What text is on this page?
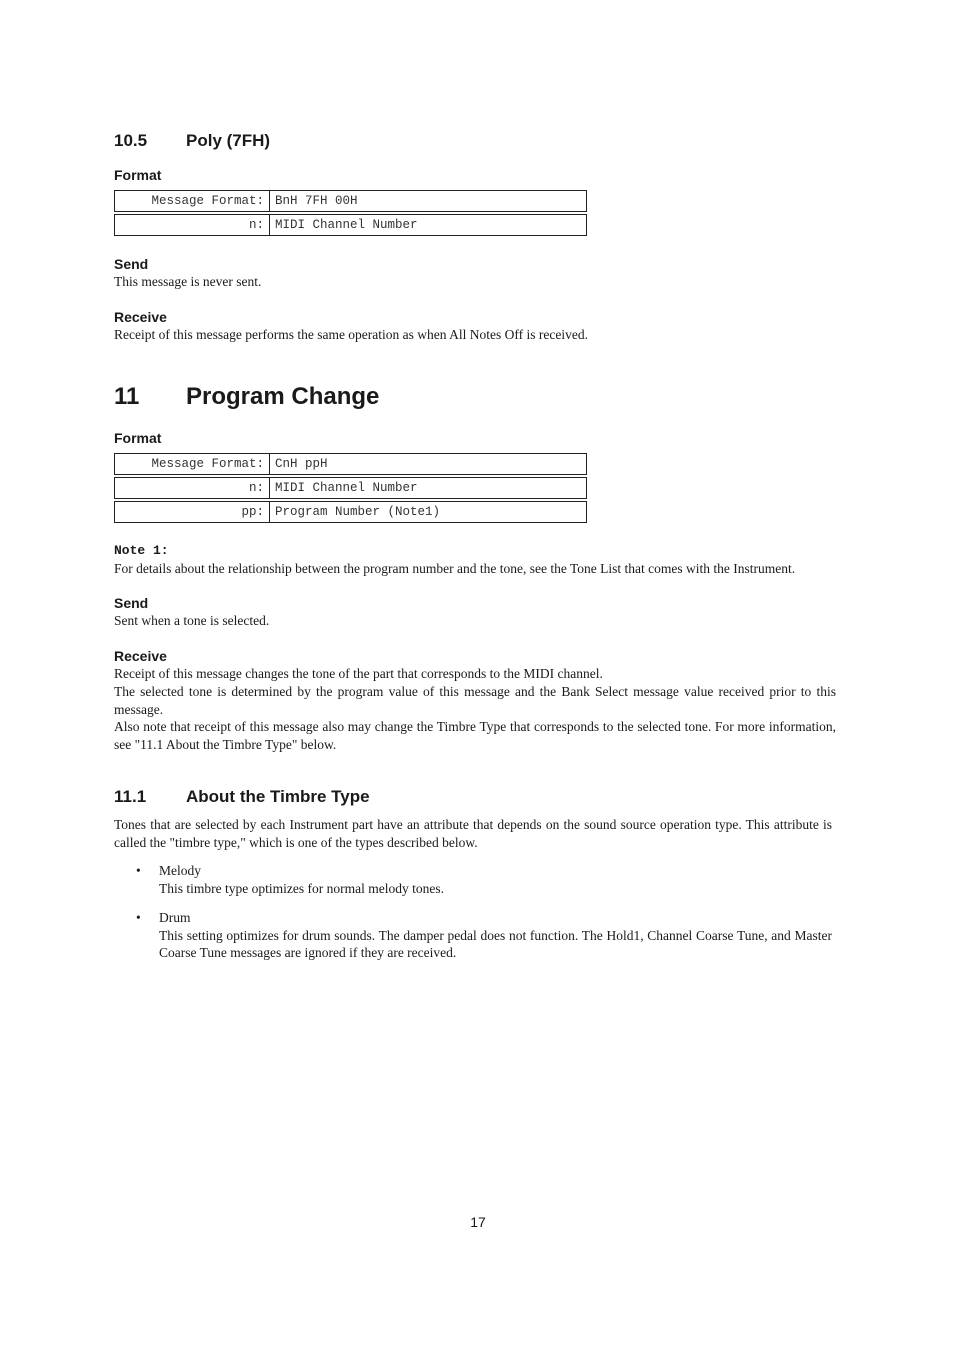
10.5	Poly (7FH)
Format
Message Format:	BnH 7FH 00H
n:	MIDI Channel Number
Send
This message is never sent.
Receive
Receipt of this message performs the same operation as when All Notes Off is received.
11	Program Change
Format
Message Format:	CnH ppH
n:	MIDI Channel Number
pp:	Program Number (Note1)
Note 1:
For details about the relationship between the program number and the tone, see the Tone List that comes with the Instrument.
Send
Sent when a tone is selected.
Receive
Receipt of this message changes the tone of the part that corresponds to the MIDI channel.
The selected tone is determined by the program value of this message and the Bank Select message value received prior to this message.
Also note that receipt of this message also may change the Timbre Type that corresponds to the selected tone. For more information, see "11.1 About the Timbre Type" below.
11.1	About the Timbre Type
Tones that are selected by each Instrument part have an attribute that depends on the sound source operation type. This attribute is called the "timbre type," which is one of the types described below.
• Melody
This timbre type optimizes for normal melody tones.
• Drum
This setting optimizes for drum sounds. The damper pedal does not function. The Hold1, Channel Coarse Tune, and Master Coarse Tune messages are ignored if they are received.
17
